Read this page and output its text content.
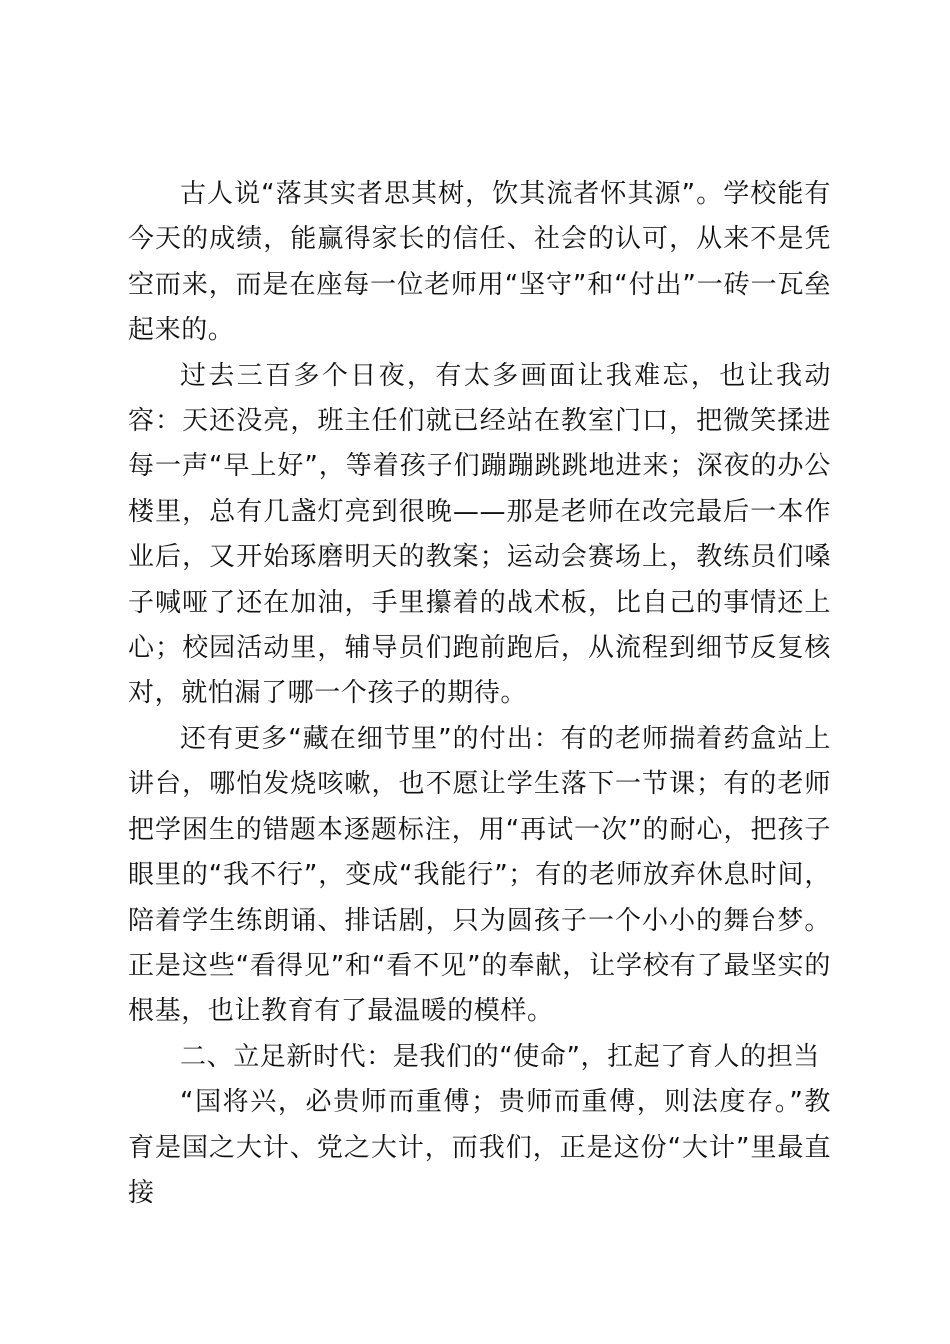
古人说“落其实者思其树，饮其流者怀其源”。学校能有今天的成绩，能赢得家长的信任、社会的认可，从来不是凭空而来，而是在座每一位老师用“坚守”和“付出”一砖一瓦垒起来的。

过去三百多个日夜，有太多画面让我难忘，也让我动容：天还没亮，班主任们就已经站在教室门口，把微笑揉进每一声“早上好”，等着孩子们蹦蹦跳跳地进来；深夜的办公楼里，总有几盏灯亮到很晚——那是老师在改完最后一本作业后，又开始琢磨明天的教案；运动会赛场上，教练员们嗓子喊哑了还在加油，手里攥着的战术板，比自己的事情还上心；校园活动里，辅导员们跑前跑后，从流程到细节反复核对，就怕漏了哪一个孩子的期待。

还有更多“藏在细节里”的付出：有的老师揣着药盒站上讲台，哪怕发烧咳嗽，也不愿让学生落下一节课；有的老师把学困生的错题本逐题标注，用“再试一次”的耐心，把孩子眼里的“我不行”，变成“我能行”；有的老师放弃休息时间，陪着学生练朗诵、排话剧，只为圆孩子一个小小的舞台梦。正是这些“看得见”和“看不见”的奉献，让学校有了最坚实的根基，也让教育有了最温暖的模样。

二、立足新时代：是我们的“使命”，扛起了育人的担当

“国将兴，必贵师而重傅；贵师而重傅，则法度存。”教育是国之大计、党之大计，而我们，正是这份“大计”里最直接
